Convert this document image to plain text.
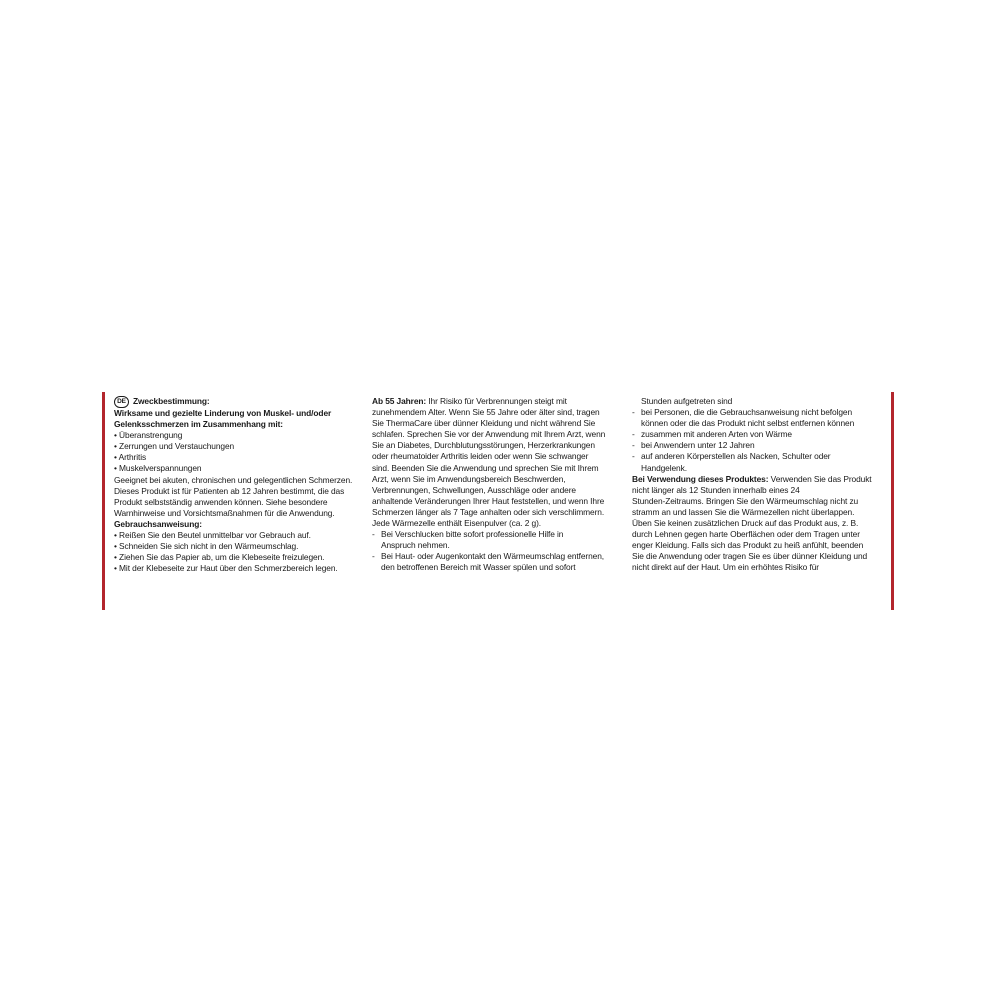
DE Zweckbestimmung:
Wirksame und gezielte Linderung von Muskel- und/oder
Gelenksschmerzen im Zusammenhang mit:
• Überanstrengung
• Zerrungen und Verstauchungen
• Arthritis
• Muskelverspannungen
Geeignet bei akuten, chronischen und gelegentlichen Schmerzen.
Dieses Produkt ist für Patienten ab 12 Jahren bestimmt, die das
Produkt selbstständig anwenden können. Siehe besondere
Warnhinweise und Vorsichtsmaßnahmen für die Anwendung.
Gebrauchsanweisung:
• Reißen Sie den Beutel unmittelbar vor Gebrauch auf.
• Schneiden Sie sich nicht in den Wärmeumschlag.
• Ziehen Sie das Papier ab, um die Klebeseite freizulegen.
• Mit der Klebeseite zur Haut über den Schmerzbereich legen.
Ab 55 Jahren: Ihr Risiko für Verbrennungen steigt mit
zunehmendem Alter. Wenn Sie 55 Jahre oder älter sind, tragen
Sie ThermaCare über dünner Kleidung und nicht während Sie
schlafen. Sprechen Sie vor der Anwendung mit Ihrem Arzt, wenn
Sie an Diabetes, Durchblutungsstörungen, Herzerkrankungen
oder rheumatoider Arthritis leiden oder wenn Sie schwanger
sind. Beenden Sie die Anwendung und sprechen Sie mit Ihrem
Arzt, wenn Sie im Anwendungsbereich Beschwerden,
Verbrennungen, Schwellungen, Ausschläge oder andere
anhaltende Veränderungen Ihrer Haut feststellen, und wenn Ihre
Schmerzen länger als 7 Tage anhalten oder sich verschlimmern.
Jede Wärmezelle enthält Eisenpulver (ca. 2 g).
- Bei Verschlucken bitte sofort professionelle Hilfe in
Anspruch nehmen.
- Bei Haut- oder Augenkontakt den Wärmeumschlag entfernen,
den betroffenen Bereich mit Wasser spülen und sofort
Stunden aufgetreten sind
- bei Personen, die die Gebrauchsanweisung nicht befolgen
können oder die das Produkt nicht selbst entfernen können
- zusammen mit anderen Arten von Wärme
- bei Anwendern unter 12 Jahren
- auf anderen Körperstellen als Nacken, Schulter oder
Handgelenk.
Bei Verwendung dieses Produktes: Verwenden Sie das Produkt
nicht länger als 12 Stunden innerhalb eines 24
Stunden-Zeitraums. Bringen Sie den Wärmeumschlag nicht zu
stramm an und lassen Sie die Wärmezellen nicht überlappen.
Üben Sie keinen zusätzlichen Druck auf das Produkt aus, z. B.
durch Lehnen gegen harte Oberflächen oder dem Tragen unter
enger Kleidung. Falls sich das Produkt zu heiß anfühlt, beenden
Sie die Anwendung oder tragen Sie es über dünner Kleidung und
nicht direkt auf der Haut. Um ein erhöhtes Risiko für
